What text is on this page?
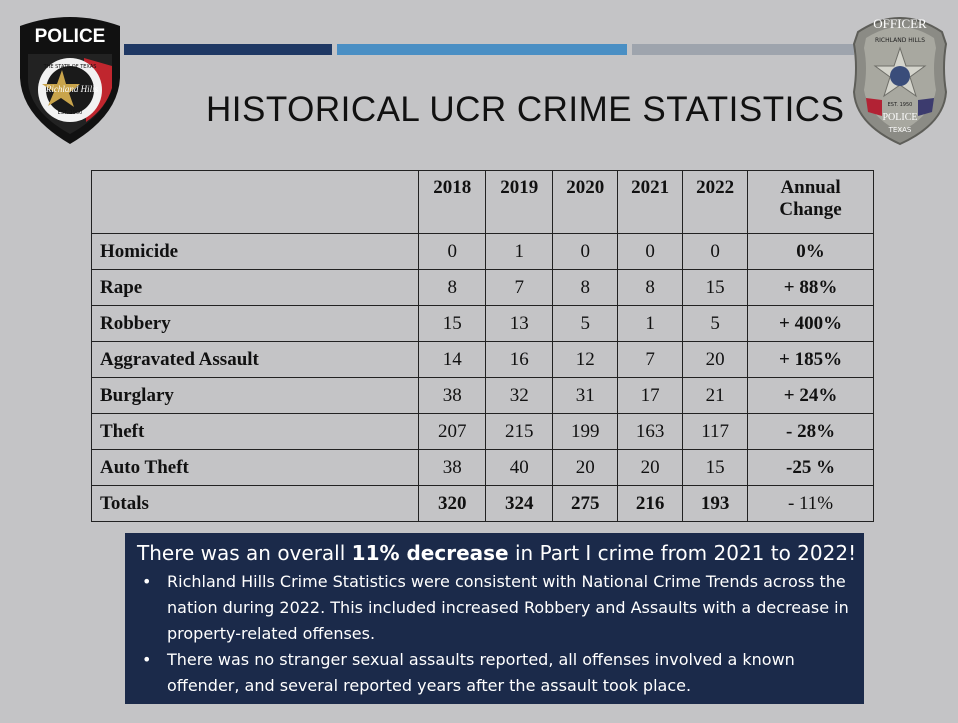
POLICE
THE STATE OF TEXAS
Richland Hills
EST. 1950
OFFICER
RICHLAND HILLS
EST. 1950
POLICE
TEXAS
HISTORICAL UCR CRIME STATISTICS
	2018	2019	2020	2021	2022	Annual
Change
Homicide	0	1	0	0	0	0%
Rape	8	7	8	8	15	+ 88%
Robbery	15	13	5	1	5	+ 400%
Aggravated Assault	14	16	12	7	20	+ 185%
Burglary	38	32	31	17	21	+ 24%
Theft	207	215	199	163	117	- 28%
Auto Theft	38	40	20	20	15	-25 %
Totals	320	324	275	216	193	- 11%

There was an overall 11% decrease in Part I crime from 2021 to 2022!

• Richland Hills Crime Statistics were consistent with National Crime Trends across the nation during 2022. This included increased Robbery and Assaults with a decrease in property-related offenses.
• There was no stranger sexual assaults reported, all offenses involved a known offender, and several reported years after the assault took place.
